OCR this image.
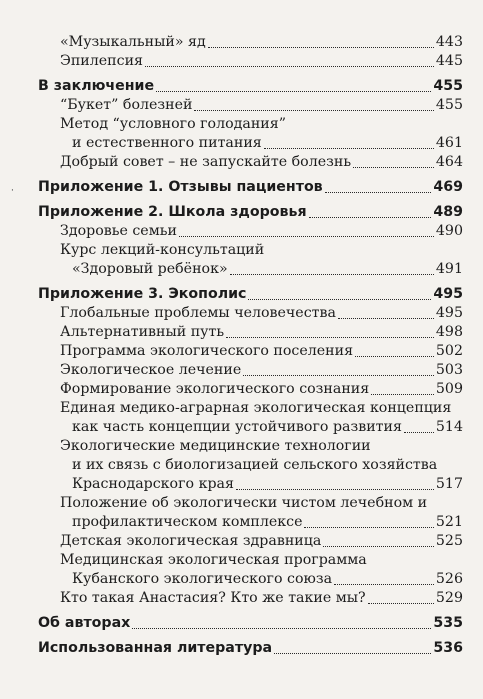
·
«Музыкальный» яд	443
Эпилепсия	445
В заключение	455
“Букет” болезней	455
Метод “условного голодания”
и естественного питания	461
Добрый совет – не запускайте болезнь	464
Приложение 1. Отзывы пациентов	469
Приложение 2. Школа здоровья	489
Здоровье семьи	490
Курс лекций-консультаций
«Здоровый ребёнок»	491
Приложение 3. Экополис	495
Глобальные проблемы человечества	495
Альтернативный путь	498
Программа экологического поселения	502
Экологическое лечение	503
Формирование экологического сознания	509
Единая медико-аграрная экологическая концепция
как часть концепции устойчивого развития 514
Экологические медицинские технологии
и их связь с биологизацией сельского хозяйства
Краснодарского края	517
Положение об экологически чистом лечебном и
профилактическом комплексе	521
Детская экологическая здравница	525
Медицинская экологическая программа
Кубанского экологического союза	526
Кто такая Анастасия? Кто же такие мы?	529
Об авторах	535
Использованная литература	536
